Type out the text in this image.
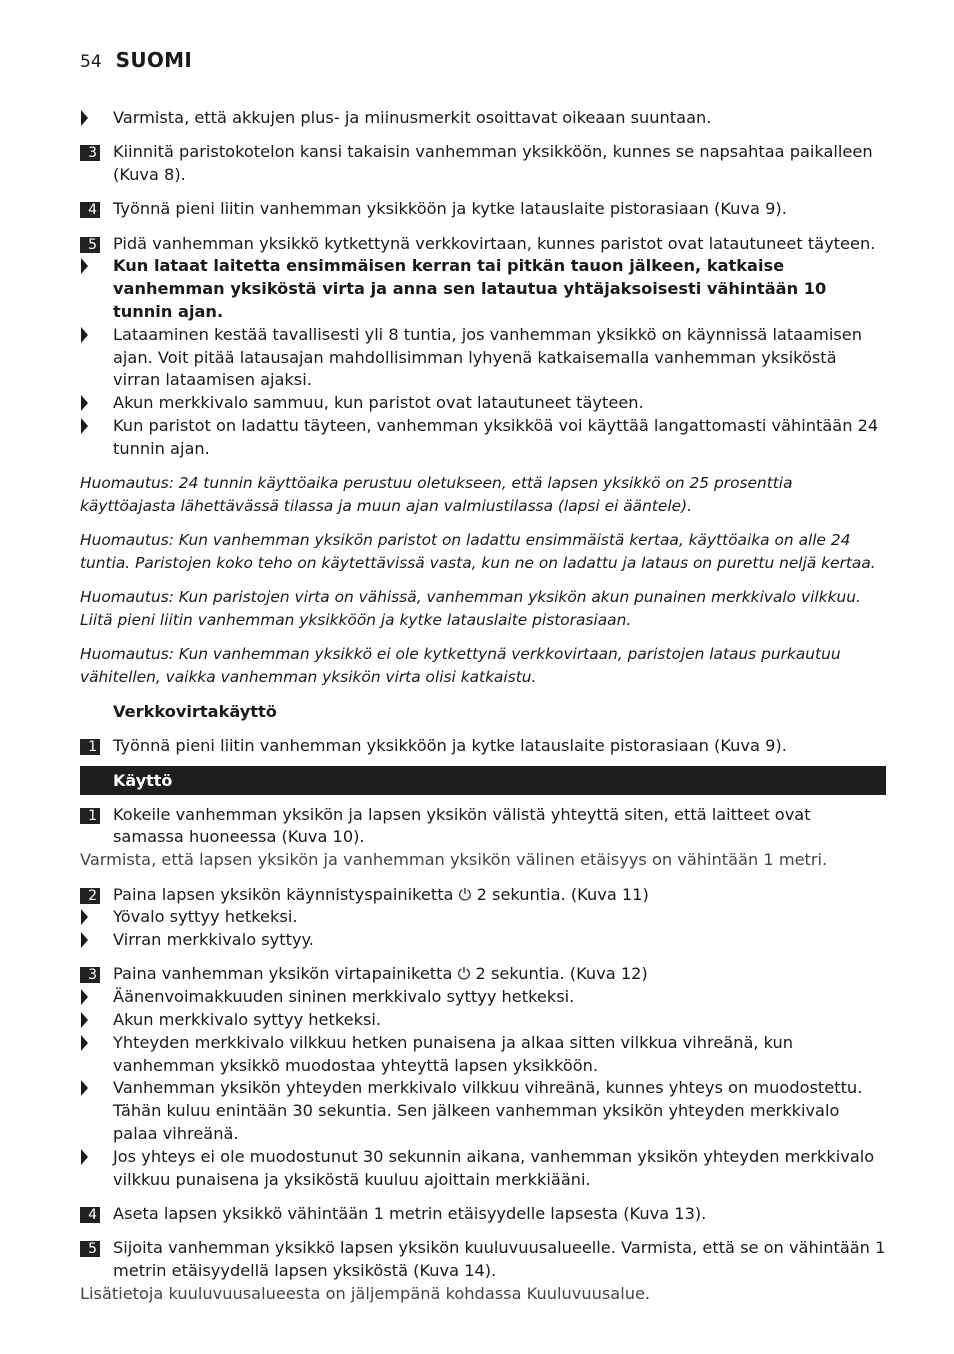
54 SUOMI
Varmista, että akkujen plus- ja miinusmerkit osoittavat oikeaan suuntaan.
3 Kiinnitä paristokotelon kansi takaisin vanhemman yksikköön, kunnes se napsahtaa paikalleen (Kuva 8).
4 Työnnä pieni liitin vanhemman yksikköön ja kytke latauslaite pistorasiaan (Kuva 9).
5 Pidä vanhemman yksikkö kytkettynä verkkovirtaan, kunnes paristot ovat latautuneet täyteen.
Kun lataat laitetta ensimmäisen kerran tai pitkän tauon jälkeen, katkaise vanhemman yksiköstä virta ja anna sen latautua yhtäjaksoisesti vähintään 10 tunnin ajan.
Lataaminen kestää tavallisesti yli 8 tuntia, jos vanhemman yksikkö on käynnissä lataamisen ajan. Voit pitää latausajan mahdollisimman lyhyenä katkaisemalla vanhemman yksiköstä virran lataamisen ajaksi.
Akun merkkivalo sammuu, kun paristot ovat latautuneet täyteen.
Kun paristot on ladattu täyteen, vanhemman yksikköä voi käyttää langattomasti vähintään 24 tunnin ajan.
Huomautus: 24 tunnin käyttöaika perustuu oletukseen, että lapsen yksikkö on 25 prosenttia käyttöajasta lähettävässä tilassa ja muun ajan valmiustilassa (lapsi ei ääntele).
Huomautus: Kun vanhemman yksikön paristot on ladattu ensimmäistä kertaa, käyttöaika on alle 24 tuntia. Paristojen koko teho on käytettävissä vasta, kun ne on ladattu ja lataus on purettu neljä kertaa.
Huomautus: Kun paristojen virta on vähissä, vanhemman yksikön akun punainen merkkivalo vilkkuu. Liitä pieni liitin vanhemman yksikköön ja kytke latauslaite pistorasiaan.
Huomautus: Kun vanhemman yksikkö ei ole kytkettynä verkkovirtaan, paristojen lataus purkautuu vähitellen, vaikka vanhemman yksikön virta olisi katkaistu.
Verkkovirtakäyttö
1 Työnnä pieni liitin vanhemman yksikköön ja kytke latauslaite pistorasiaan (Kuva 9).
Käyttö
1 Kokeile vanhemman yksikön ja lapsen yksikön välistä yhteyttä siten, että laitteet ovat samassa huoneessa (Kuva 10).
Varmista, että lapsen yksikön ja vanhemman yksikön välinen etäisyys on vähintään 1 metri.
2 Paina lapsen yksikön käynnistyspainiketta ⏻ 2 sekuntia. (Kuva 11)
Yövalo syttyy hetkeksi.
Virran merkkivalo syttyy.
3 Paina vanhemman yksikön virtapainiketta ⏻ 2 sekuntia. (Kuva 12)
Äänenvoimakkuuden sininen merkkivalo syttyy hetkeksi.
Akun merkkivalo syttyy hetkeksi.
Yhteyden merkkivalo vilkkuu hetken punaisena ja alkaa sitten vilkkua vihreänä, kun vanhemman yksikkö muodostaa yhteyttä lapsen yksikköön.
Vanhemman yksikön yhteyden merkkivalo vilkkuu vihreänä, kunnes yhteys on muodostettu. Tähän kuluu enintään 30 sekuntia. Sen jälkeen vanhemman yksikön yhteyden merkkivalo palaa vihreänä.
Jos yhteys ei ole muodostunut 30 sekunnin aikana, vanhemman yksikön yhteyden merkkivalo vilkkuu punaisena ja yksiköstä kuuluu ajoittain merkkiääni.
4 Aseta lapsen yksikkö vähintään 1 metrin etäisyydelle lapsesta (Kuva 13).
5 Sijoita vanhemman yksikkö lapsen yksikön kuuluvuusalueelle. Varmista, että se on vähintään 1 metrin etäisyydellä lapsen yksiköstä (Kuva 14).
Lisätietoja kuuluvuusalueesta on jäljempänä kohdassa Kuuluvuusalue.
